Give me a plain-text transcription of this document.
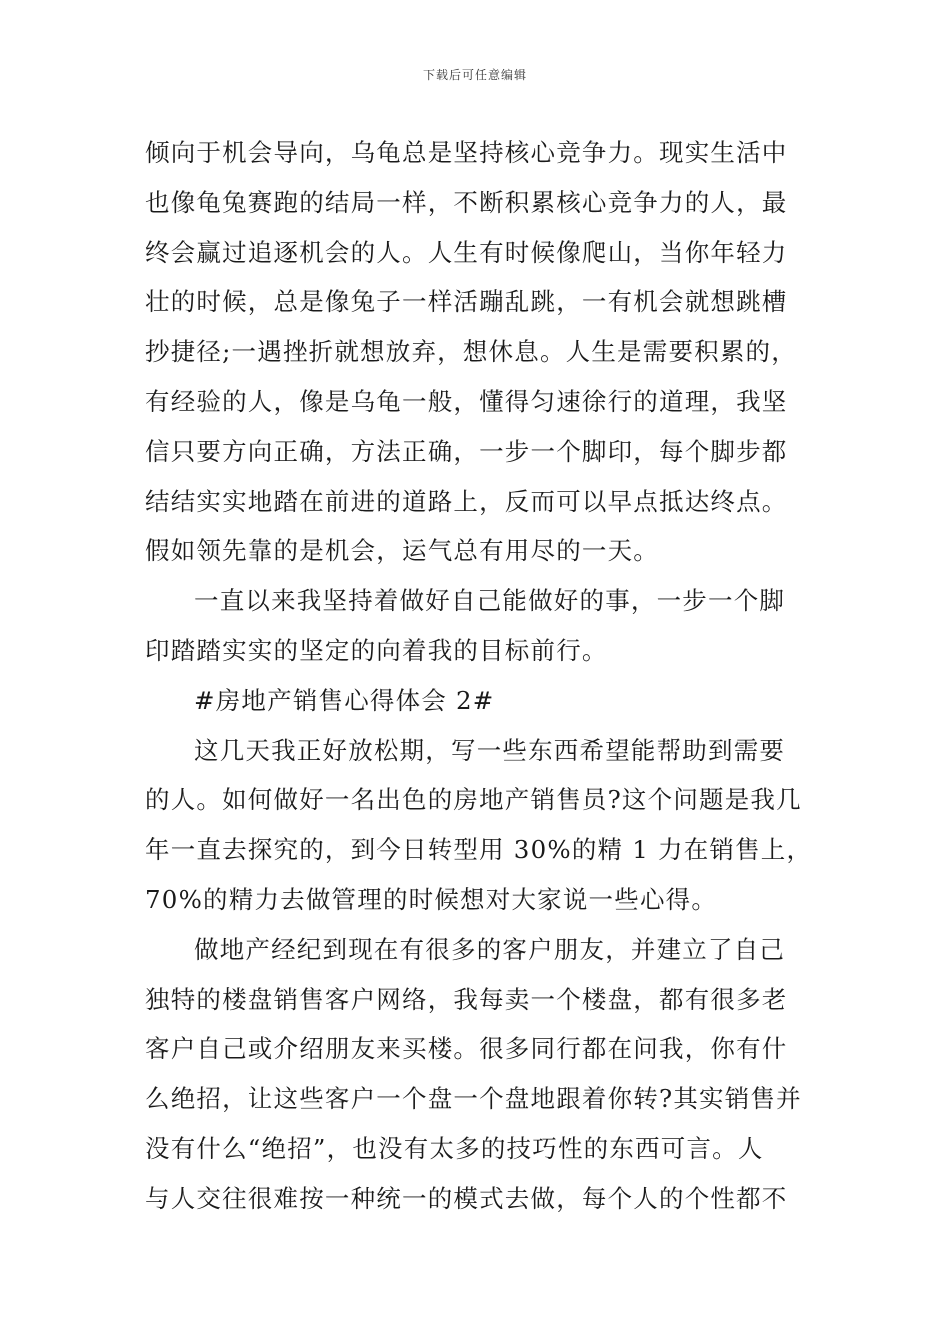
下载后可任意编辑
倾向于机会导向，乌龟总是坚持核心竞争力。现实生活中
也像龟兔赛跑的结局一样，不断积累核心竞争力的人，最
终会赢过追逐机会的人。人生有时候像爬山，当你年轻力
壮的时候，总是像兔子一样活蹦乱跳，一有机会就想跳槽
抄捷径;一遇挫折就想放弃，想休息。人生是需要积累的，
有经验的人，像是乌龟一般，懂得匀速徐行的道理，我坚
信只要方向正确，方法正确，一步一个脚印，每个脚步都
结结实实地踏在前进的道路上，反而可以早点抵达终点。
假如领先靠的是机会，运气总有用尽的一天。
一直以来我坚持着做好自己能做好的事，一步一个脚
印踏踏实实的坚定的向着我的目标前行。
#房地产销售心得体会 2#
这几天我正好放松期，写一些东西希望能帮助到需要
的人。如何做好一名出色的房地产销售员?这个问题是我几
年一直去探究的，到今日转型用 30%的精 1 力在销售上，
70%的精力去做管理的时候想对大家说一些心得。
做地产经纪到现在有很多的客户朋友，并建立了自己
独特的楼盘销售客户网络，我每卖一个楼盘，都有很多老
客户自己或介绍朋友来买楼。很多同行都在问我，你有什
么绝招，让这些客户一个盘一个盘地跟着你转?其实销售并
没有什么“绝招”，也没有太多的技巧性的东西可言。人
与人交往很难按一种统一的模式去做，每个人的个性都不
